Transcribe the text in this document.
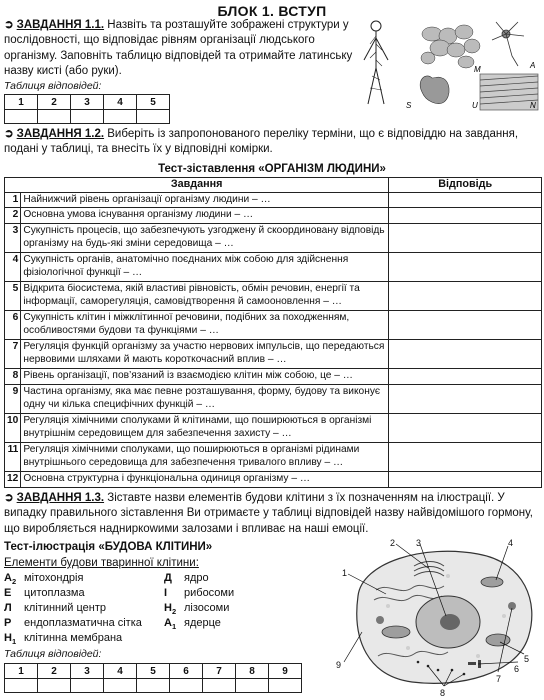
БЛОК 1. ВСТУП
➲ ЗАВДАННЯ 1.1. Назвіть та розташуйте зображені структури у послідовності, що відповідає рівням організації людського організму. Заповніть таблицю відповідей та отримайте латинську назву кисті (або руки).
Таблиця відповідей:
1	2	3	4	5
					S
M	A
U	N
➲ ЗАВДАННЯ 1.2. Виберіть із запропонованого переліку терміни, що є відповіддю на завдання, подані у таблиці, та внесіть їх у відповідні комірки.
Тест-зіставлення «ОРГАНІЗМ ЛЮДИНИ»
Завдання		Відповідь
1	Найнижчий рівень організації організму людини – …	
2	Основна умова існування організму людини – …	
3	Сукупність процесів, що забезпечують узгоджену й скоординовану відповідь організму на будь-які зміни середовища – …	
4	Сукупність органів, анатомічно поєднаних між собою для здійснення фізіологічної функції – …	
5	Відкрита біосистема, якій властиві рівновість, обмін речовин, енергії та інформації, саморегуляція, самовідтворення й самооновлення – …	
6	Сукупність клітин і міжклітинної речовини, подібних за походженням, особливостями будови та функціями – …	
7	Регуляція функцій організму за участю нервових імпульсів, що передаються нервовими шляхами й мають короткочасний вплив – …	
8	Рівень організації, пов’язаний із взаємодією клітин між собою, це – …	
9	Частина організму, яка має певне розташування, форму, будову та виконує одну чи кілька специфічних функцій – …	
10	Регуляція хімічними сполуками й клітинами, що поширюються в організмі внутрішнім середовищем для забезпечення захисту – …	
11	Регуляція хімічними сполуками, що поширюються в організмі рідинами внутрішнього середовища для забезпечення тривалого впливу – …	
12	Основна структурна і функціональна одиниця організму – …	
➲ ЗАВДАННЯ 1.3. Зіставте назви елементів будови клітини з їх позначенням на ілюстрації. У випадку правильного зіставлення Ви отримаєте у таблиці відповідей назву найвідомішого гормону, що виробляється надниркowими залозами і впливає на наші емоції.
Тест-ілюстрація «БУДОВА КЛІТИНИ»
Елементи будови тваринної клітини:
$A_2$ мітохондрія
Е цитоплазма
Л клітинний центр
Р ендоплазматична сітка
$Н_1$ клітинна мембрана
Д ядро
І рибосоми
$Н_2$ лізосоми
$А_1$ ядерце
Таблиця відповідей:
1	2	3	4	5	6	7	8	9

1
2 3	4
5
6
7
8
9
